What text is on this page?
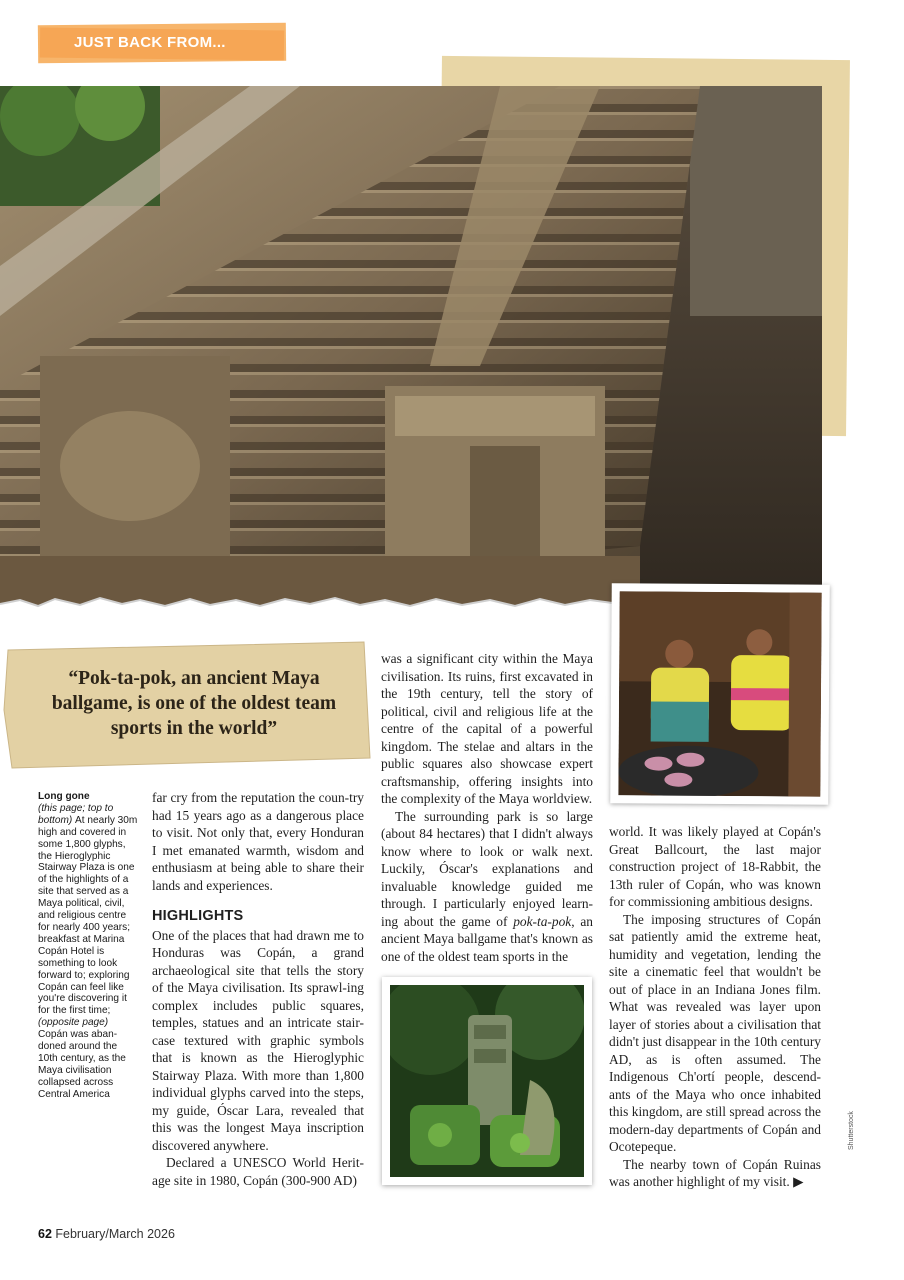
JUST BACK FROM...
“Pok-ta-pok, an ancient Maya ballgame, is one of the oldest team sports in the world”
Long gone
(this page; top to bottom) At nearly 30m high and covered in some 1,800 glyphs, the Hieroglyphic Stairway Plaza is one of the highlights of a site that served as a Maya political, civil, and religious centre for nearly 400 years; breakfast at Marina Copán Hotel is something to look forward to; exploring Copán can feel like you're discovering it for the first time; (opposite page) Copán was aban-doned around the 10th century, as the Maya civilisation collapsed across Central America

far cry from the reputation the coun-try had 15 years ago as a dangerous place to visit. Not only that, every Honduran I met emanated warmth, wisdom and enthusiasm at being able to share their lands and experiences.

HIGHLIGHTS

One of the places that had drawn me to Honduras was Copán, a grand archaeological site that tells the story of the Maya civilisation. Its sprawl-ing complex includes public squares, temples, statues and an intricate stair-case textured with graphic symbols that is known as the Hieroglyphic Stairway Plaza. With more than 1,800 individual glyphs carved into the steps, my guide, Óscar Lara, revealed that this was the longest Maya inscription discovered anywhere.

Declared a UNESCO World Herit-age site in 1980, Copán (300-900 AD)

was a significant city within the Maya civilisation. Its ruins, first excavated in the 19th century, tell the story of political, civil and religious life at the centre of the capital of a powerful kingdom. The stelae and altars in the public squares also showcase expert craftsmanship, offering insights into the complexity of the Maya worldview.

The surrounding park is so large (about 84 hectares) that I didn't always know where to look or walk next. Luckily, Óscar's explanations and invaluable knowledge guided me through. I particularly enjoyed learn-ing about the game of pok-ta-pok, an ancient Maya ballgame that's known as one of the oldest team sports in the

world. It was likely played at Copán's Great Ballcourt, the last major construction project of 18-Rabbit, the 13th ruler of Copán, who was known for commissioning ambitious designs.

The imposing structures of Copán sat patiently amid the extreme heat, humidity and vegetation, lending the site a cinematic feel that wouldn't be out of place in an Indiana Jones film. What was revealed was layer upon layer of stories about a civilisation that didn't just disappear in the 10th century AD, as is often assumed. The Indigenous Ch'ortí people, descend-ants of the Maya who once inhabited this kingdom, are still spread across the modern-day departments of Copán and Ocotepeque.

The nearby town of Copán Ruinas was another highlight of my visit. ▶

Shutterstock
62 February/March 2026
